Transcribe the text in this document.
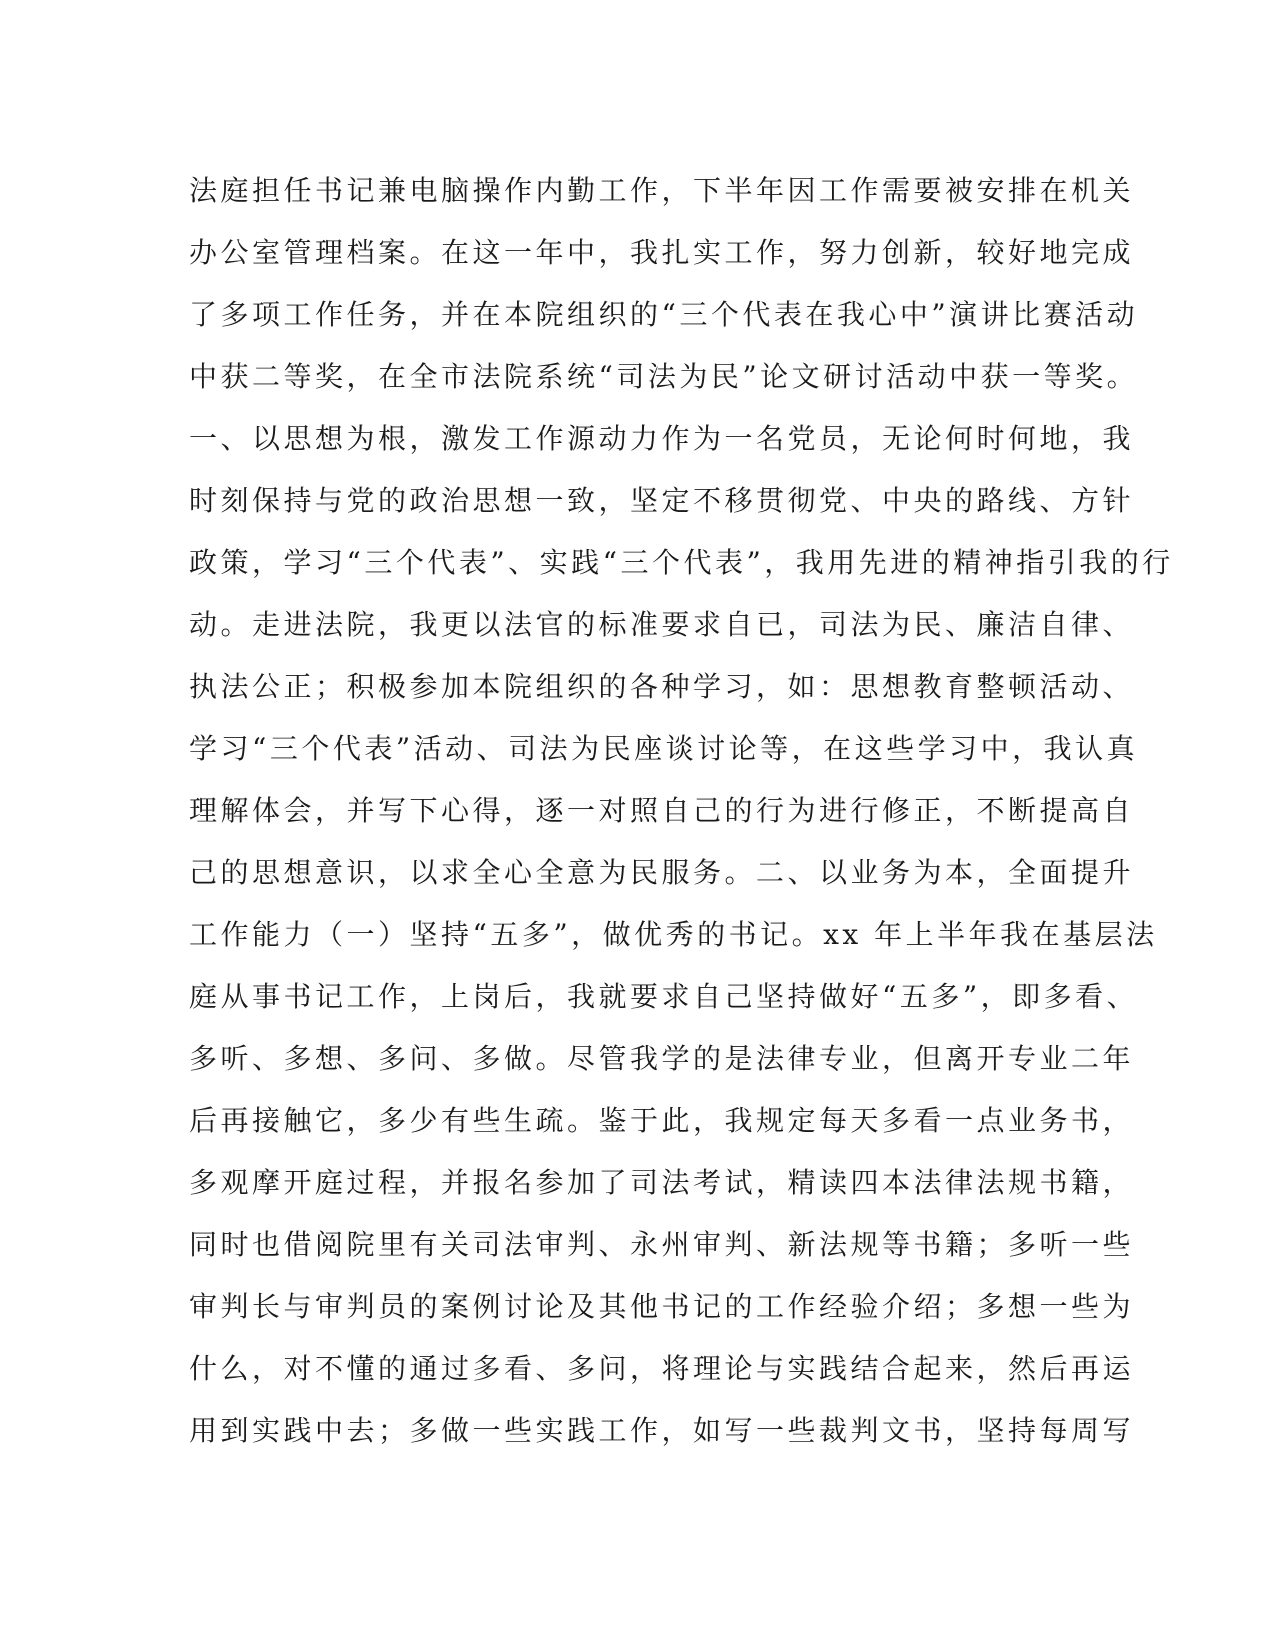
法庭担任书记兼电脑操作内勤工作，下半年因工作需要被安排在机关
办公室管理档案。在这一年中，我扎实工作，努力创新，较好地完成
了多项工作任务，并在本院组织的“三个代表在我心中”演讲比赛活动
中获二等奖，在全市法院系统“司法为民”论文研讨活动中获一等奖。
一、以思想为根，激发工作源动力作为一名党员，无论何时何地，我
时刻保持与党的政治思想一致，坚定不移贯彻党、中央的路线、方针
政策，学习“三个代表”、实践“三个代表”，我用先进的精神指引我的行
动。走进法院，我更以法官的标准要求自已，司法为民、廉洁自律、
执法公正；积极参加本院组织的各种学习，如：思想教育整顿活动、
学习“三个代表”活动、司法为民座谈讨论等，在这些学习中，我认真
理解体会，并写下心得，逐一对照自己的行为进行修正，不断提高自
己的思想意识，以求全心全意为民服务。二、以业务为本，全面提升
工作能力（一）坚持“五多”，做优秀的书记。xx 年上半年我在基层法
庭从事书记工作，上岗后，我就要求自己坚持做好“五多”，即多看、
多听、多想、多问、多做。尽管我学的是法律专业，但离开专业二年
后再接触它，多少有些生疏。鉴于此，我规定每天多看一点业务书，
多观摩开庭过程，并报名参加了司法考试，精读四本法律法规书籍，
同时也借阅院里有关司法审判、永州审判、新法规等书籍；多听一些
审判长与审判员的案例讨论及其他书记的工作经验介绍；多想一些为
什么，对不懂的通过多看、多问，将理论与实践结合起来，然后再运
用到实践中去；多做一些实践工作，如写一些裁判文书，坚持每周写
